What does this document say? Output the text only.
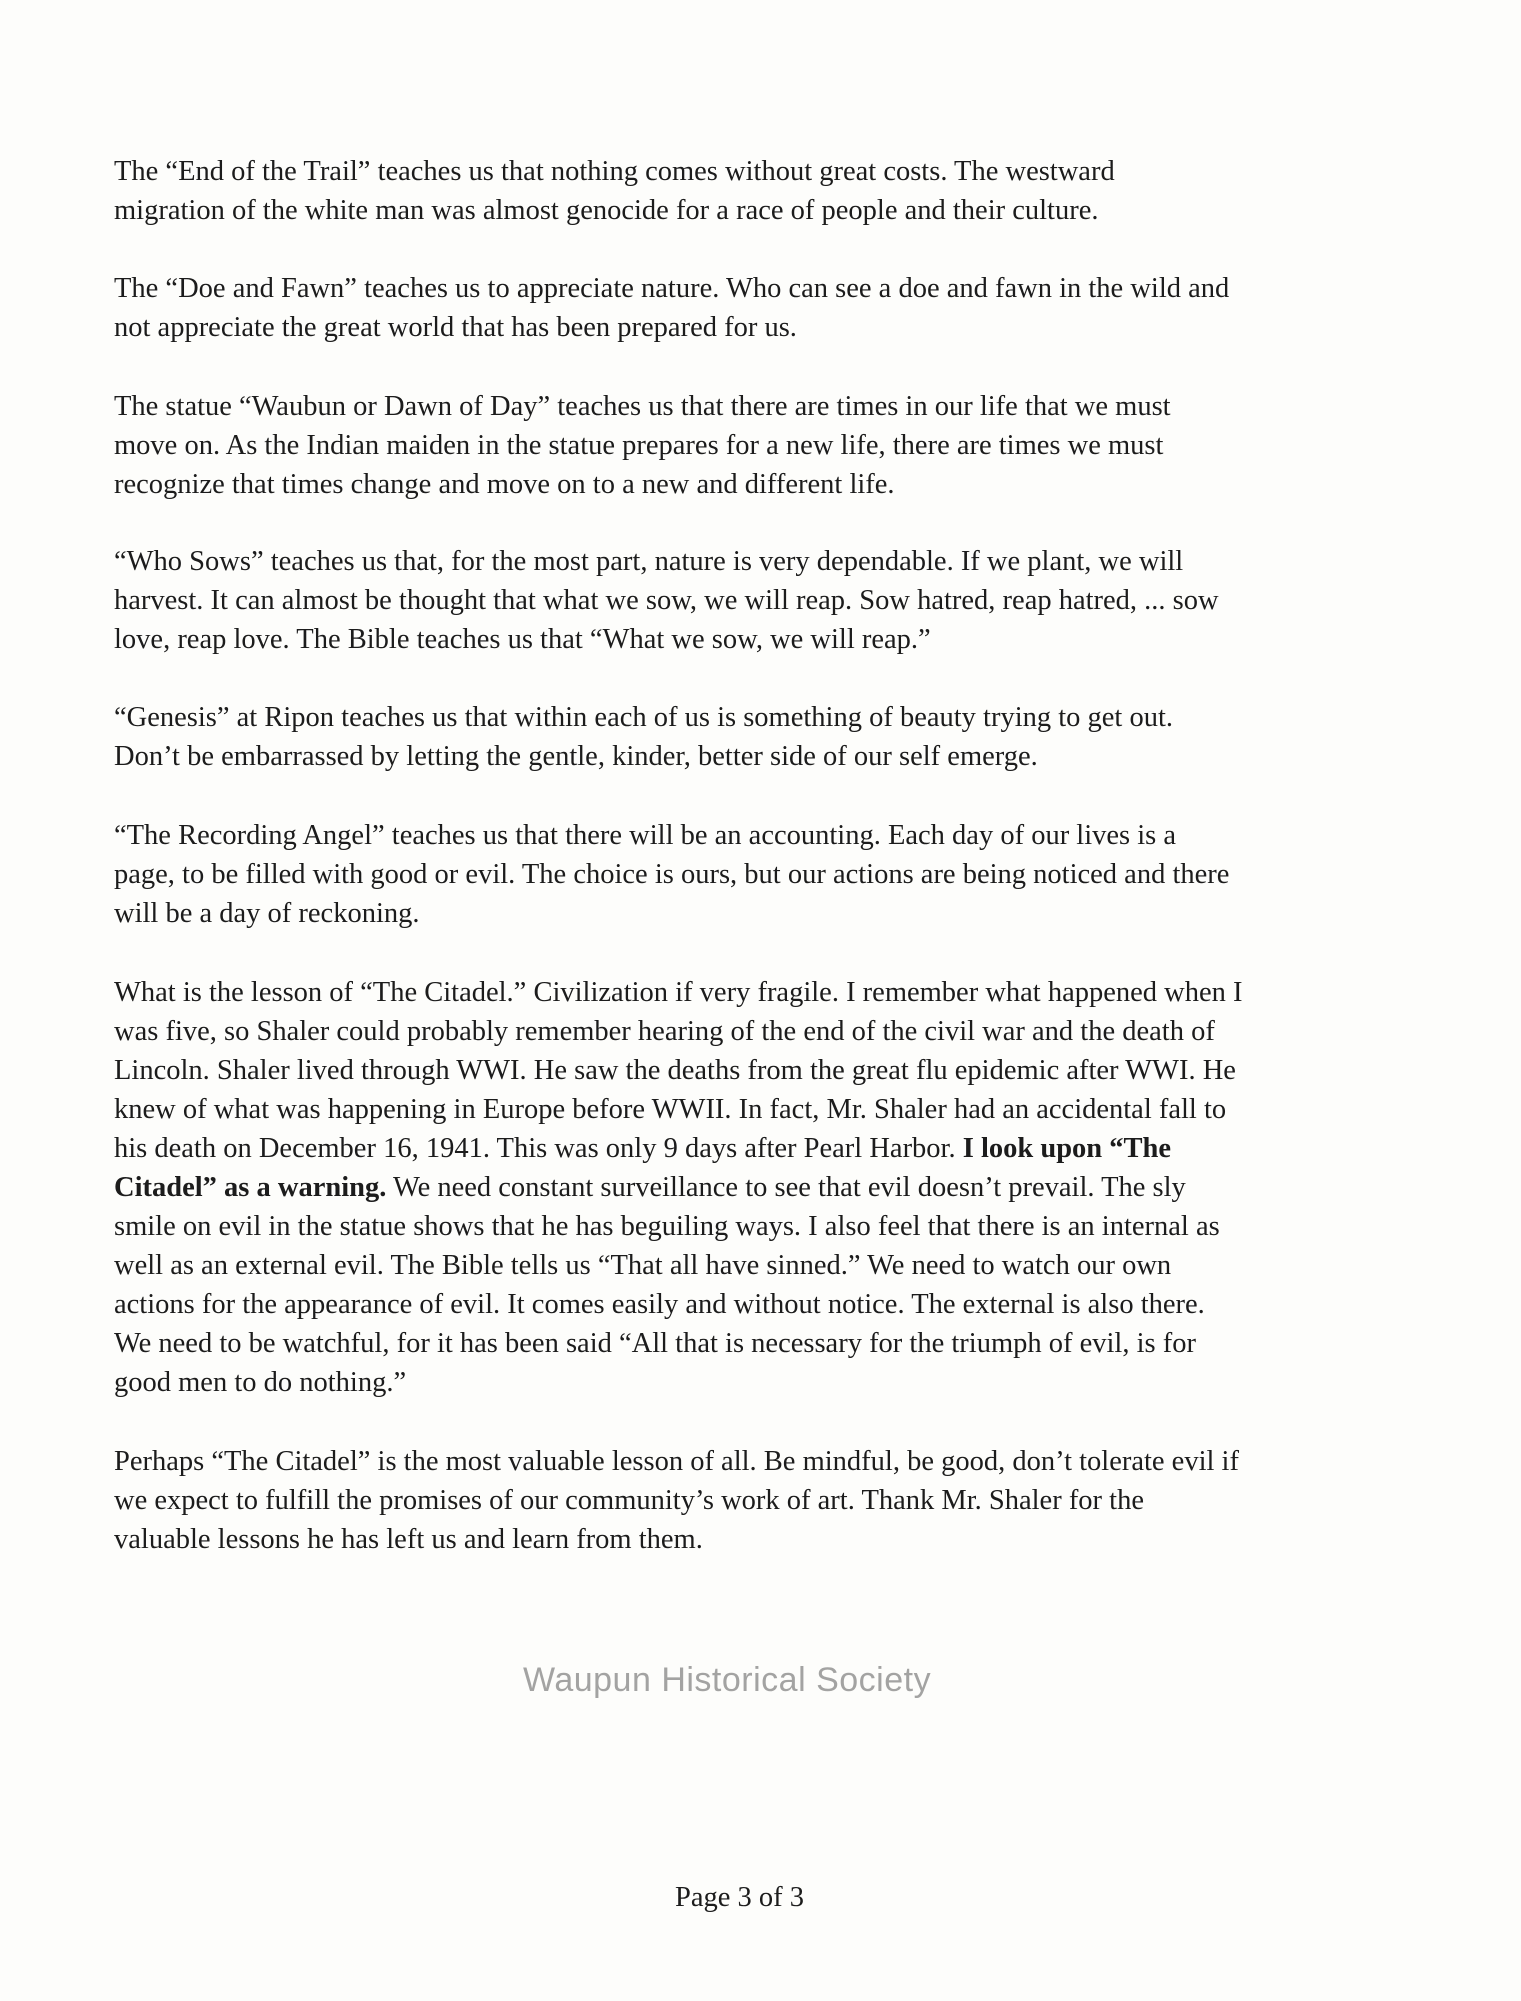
The “End of the Trail” teaches us that nothing comes without great costs. The westward
migration of the white man was almost genocide for a race of people and their culture.
The “Doe and Fawn” teaches us to appreciate nature. Who can see a doe and fawn in the wild and
not appreciate the great world that has been prepared for us.
The statue “Waubun or Dawn of Day” teaches us that there are times in our life that we must
move on. As the Indian maiden in the statue prepares for a new life, there are times we must
recognize that times change and move on to a new and different life.
“Who Sows” teaches us that, for the most part, nature is very dependable. If we plant, we will
harvest. It can almost be thought that what we sow, we will reap. Sow hatred, reap hatred, ... sow
love, reap love. The Bible teaches us that “What we sow, we will reap.”
“Genesis” at Ripon teaches us that within each of us is something of beauty trying to get out.
Don’t be embarrassed by letting the gentle, kinder, better side of our self emerge.
“The Recording Angel” teaches us that there will be an accounting. Each day of our lives is a
page, to be filled with good or evil. The choice is ours, but our actions are being noticed and there
will be a day of reckoning.
What is the lesson of “The Citadel.” Civilization if very fragile. I remember what happened when I
was five, so Shaler could probably remember hearing of the end of the civil war and the death of
Lincoln. Shaler lived through WWI. He saw the deaths from the great flu epidemic after WWI. He
knew of what was happening in Europe before WWII. In fact, Mr. Shaler had an accidental fall to
his death on December 16, 1941. This was only 9 days after Pearl Harbor. I look upon “The
Citadel” as a warning. We need constant surveillance to see that evil doesn’t prevail. The sly
smile on evil in the statue shows that he has beguiling ways. I also feel that there is an internal as
well as an external evil. The Bible tells us “That all have sinned.” We need to watch our own
actions for the appearance of evil. It comes easily and without notice. The external is also there.
We need to be watchful, for it has been said “All that is necessary for the triumph of evil, is for
good men to do nothing.”
Perhaps “The Citadel” is the most valuable lesson of all. Be mindful, be good, don’t tolerate evil if
we expect to fulfill the promises of our community’s work of art. Thank Mr. Shaler for the
valuable lessons he has left us and learn from them.
Waupun Historical Society
Page 3 of 3
